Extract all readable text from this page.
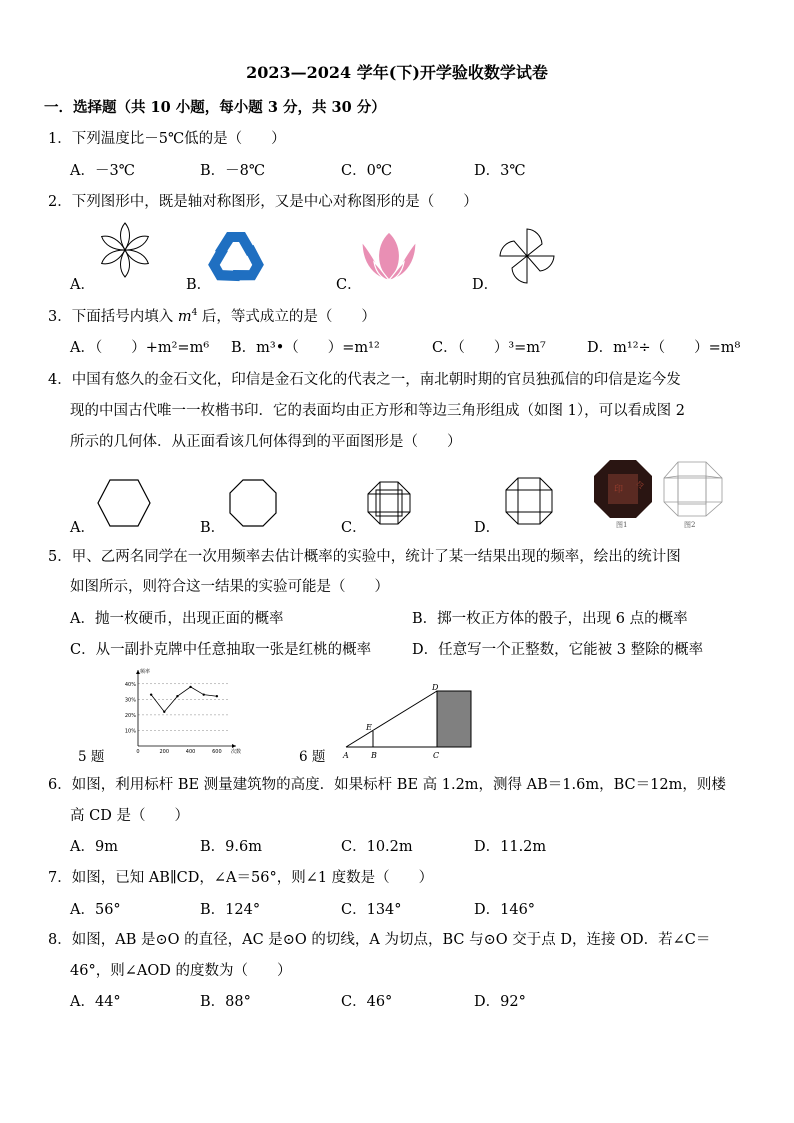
2023—2024 学年(下)开学验收数学试卷
一．选择题（共 10 小题，每小题 3 分，共 30 分）
1．下列温度比－5℃低的是（　　）
A．－3℃	B．－8℃	C．0℃	D．3℃
2．下列图形中，既是轴对称图形，又是中心对称图形的是（　　）
A．	B．	C．	D．
3．下面括号内填入 $m^4$ 后，等式成立的是（　　）
A．（　　）+m²=m⁶ B．m³•（　　）=m¹²	C．（　　）³=m⁷	D．m¹²÷（　　）=m⁸
4．中国有悠久的金石文化，印信是金石文化的代表之一，南北朝时期的官员独孤信的印信是迄今发
现的中国古代唯一一枚楷书印．它的表面均由正方形和等边三角形组成（如图 1），可以看成图 2
所示的几何体．从正面看该几何体得到的平面图形是（　　）
A．	B．	C．	D．
印 令
图1	图2
5．甲、乙两名同学在一次用频率去估计概率的实验中，统计了某一结果出现的频率，绘出的统计图
如图所示，则符合这一结果的实验可能是（　　）
A．抛一枚硬币，出现正面的概率	B．掷一枚正方体的骰子，出现 6 点的概率
C．从一副扑克牌中任意抽取一张是红桃的概率	D．任意写一个正整数，它能被 3 整除的概率
10%
20%
30%
40%
0	200	400	600
频率
次数
5 题	A	B	C
D
E
6 题
6．如图，利用标杆 BE 测量建筑物的高度．如果标杆 BE 高 1.2m，测得 AB＝1.6m，BC＝12m，则楼
高 CD 是（　　）
A．9m	B．9.6m	C．10.2m	D．11.2m
7．如图，已知 AB∥CD，∠A＝56°，则∠1 度数是（　　）
A．56°	B．124°	C．134°	D．146°
8．如图，AB 是⊙O 的直径，AC 是⊙O 的切线，A 为切点，BC 与⊙O 交于点 D，连接 OD．若∠C＝
46°，则∠AOD 的度数为（　　）
A．44°	B．88°	C．46°	D．92°
